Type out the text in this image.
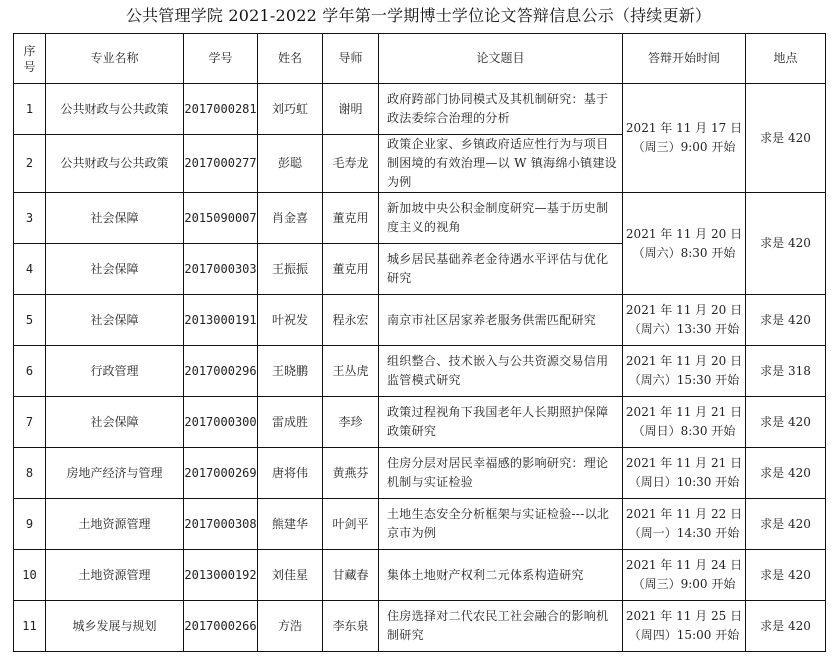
公共管理学院 2021-2022 学年第一学期博士学位论文答辩信息公示（持续更新）
序
号	专业名称	学号	姓名	导师	论文题目	答辩开始时间	地点
1	公共财政与公共政策	2017000281	刘巧虹	谢明	政府跨部门协同模式及其机制研究：基于政法委综合治理的分析	2021 年 11 月 17 日
（周三）9:00 开始	求是 420
2	公共财政与公共政策	2017000277	彭聪	毛寿龙	政策企业家、乡镇政府适应性行为与项目制困境的有效治理—以 W 镇海绵小镇建设为例		
3	社会保障	2015090007	肖金喜	董克用	新加坡中央公积金制度研究—基于历史制度主义的视角	2021 年 11 月 20 日
（周六）8:30 开始	求是 420
4	社会保障	2017000303	王振振	董克用	城乡居民基础养老金待遇水平评估与优化研究		
5	社会保障	2013000191	叶祝发	程永宏	南京市社区居家养老服务供需匹配研究	2021 年 11 月 20 日
（周六）13:30 开始	求是 420
6	行政管理	2017000296	王晓鹏	王丛虎	组织整合、技术嵌入与公共资源交易信用监管模式研究	2021 年 11 月 20 日
（周六）15:30 开始	求是 318
7	社会保障	2017000300	雷成胜	李珍	政策过程视角下我国老年人长期照护保障政策研究	2021 年 11 月 21 日
（周日）8:30 开始	求是 420
8	房地产经济与管理	2017000269	唐将伟	黄燕芬	住房分层对居民幸福感的影响研究：理论机制与实证检验	2021 年 11 月 21 日
（周日）10:30 开始	求是 420
9	土地资源管理	2017000308	熊建华	叶剑平	土地生态安全分析框架与实证检验---以北京市为例	2021 年 11 月 22 日
（周一）14:30 开始	求是 420
10	土地资源管理	2013000192	刘佳星	甘藏春	集体土地财产权利二元体系构造研究	2021 年 11 月 24 日
（周三）9:00 开始	求是 420
11	城乡发展与规划	2017000266	方浩	李东泉	住房选择对二代农民工社会融合的影响机制研究	2021 年 11 月 25 日
（周四）15:00 开始	求是 420
